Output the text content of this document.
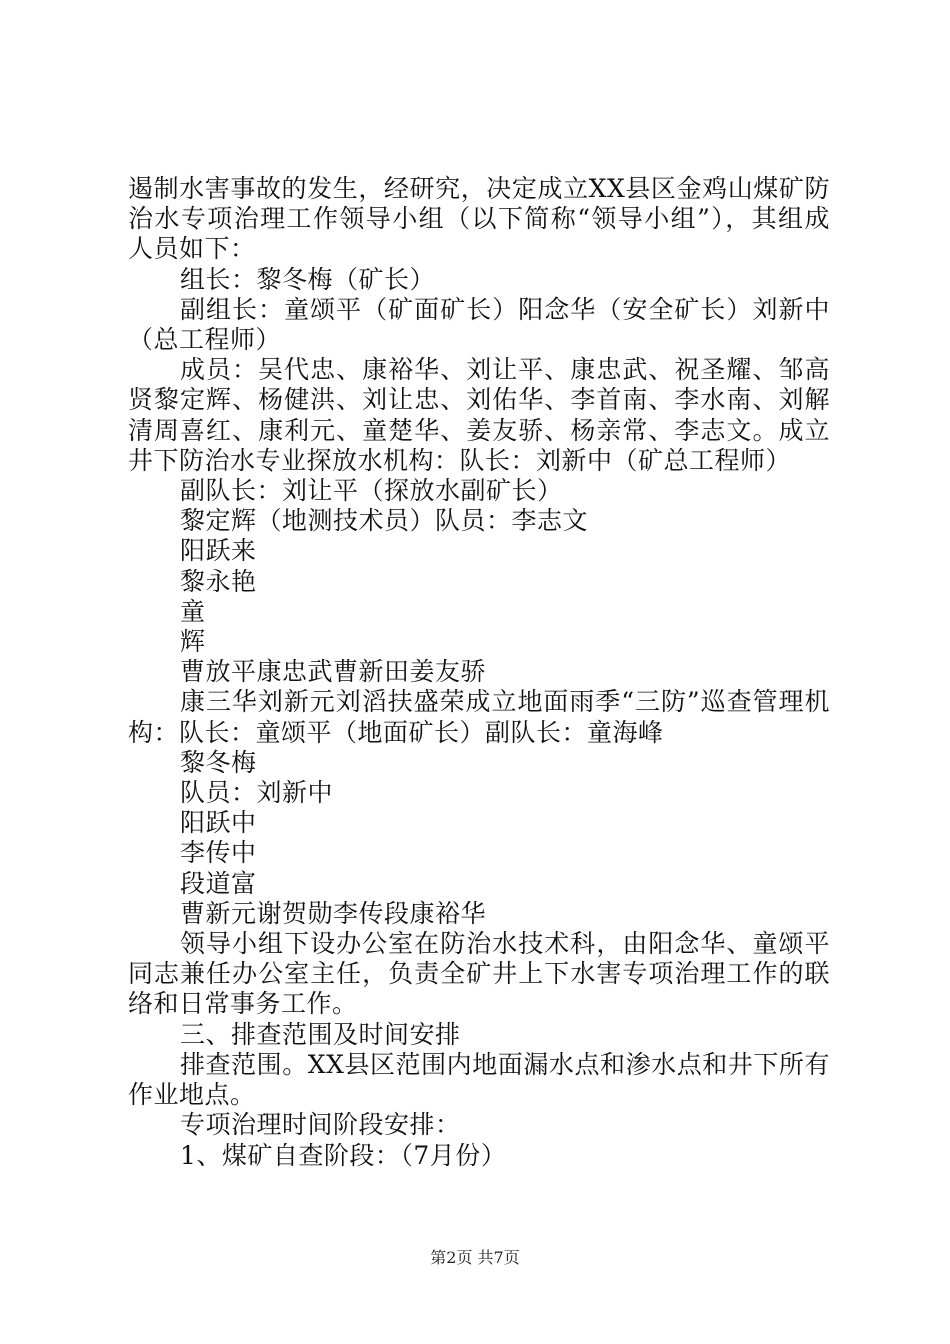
遏制水害事故的发生，经研究，决定成立XX县区金鸡山煤矿防治水专项治理工作领导小组（以下简称“领导小组”），其组成人员如下：

组长：黎冬梅（矿长）

副组长：童颂平（矿面矿长）阳念华（安全矿长）刘新中（总工程师）

成员：吴代忠、康裕华、刘让平、康忠武、祝圣耀、邹高贤黎定辉、杨健洪、刘让忠、刘佑华、李首南、李水南、刘解清周喜红、康利元、童楚华、姜友骄、杨亲常、李志文。成立井下防治水专业探放水机构：队长：刘新中（矿总工程师）

副队长：刘让平（探放水副矿长）

黎定辉（地测技术员）队员：李志文

阳跃来

黎永艳

童

辉

曹放平康忠武曹新田姜友骄

康三华刘新元刘滔扶盛荣成立地面雨季“三防”巡查管理机构：队长：童颂平（地面矿长）副队长：童海峰

黎冬梅

队员：刘新中

阳跃中

李传中

段道富

曹新元谢贺勋李传段康裕华

领导小组下设办公室在防治水技术科，由阳念华、童颂平同志兼任办公室主任，负责全矿井上下水害专项治理工作的联络和日常事务工作。

三、排查范围及时间安排

排查范围。XX县区范围内地面漏水点和渗水点和井下所有作业地点。

专项治理时间阶段安排：

1、煤矿自查阶段：（7月份）

第2页 共7页
